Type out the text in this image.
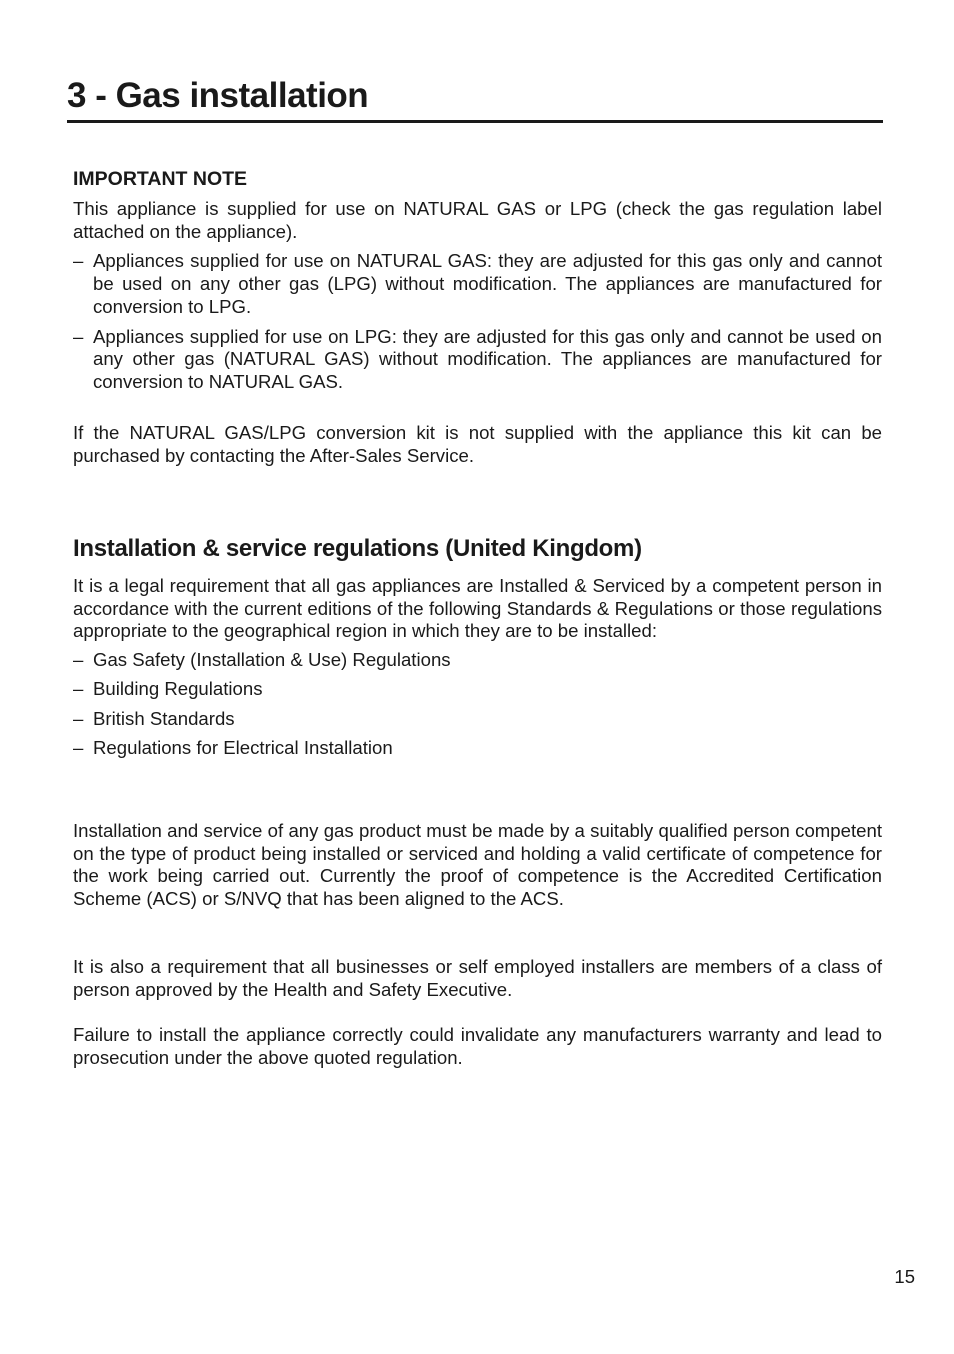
3 - Gas installation
IMPORTANT NOTE

This appliance is supplied for use on NATURAL GAS or LPG (check the gas regulation label attached on the appliance).

– Appliances supplied for use on NATURAL GAS: they are adjusted for this gas only and cannot be used on any other gas (LPG) without modification. The appliances are manufactured for conversion to LPG.
– Appliances supplied for use on LPG: they are adjusted for this gas only and cannot be used on any other gas (NATURAL GAS) without modification. The appliances are manufactured for conversion to NATURAL GAS.

If the NATURAL GAS/LPG conversion kit is not supplied with the appliance this kit can be purchased by contacting the After-Sales Service.

Installation & service regulations (United Kingdom)

It is a legal requirement that all gas appliances are Installed & Serviced by a competent person in accordance with the current editions of the following Standards & Regulations or those regulations appropriate to the geographical region in which they are to be installed:

– Gas Safety (Installation & Use) Regulations
– Building Regulations
– British Standards
– Regulations for Electrical Installation

Installation and service of any gas product must be made by a suitably qualified person competent on the type of product being installed or serviced and holding a valid certificate of competence for the work being carried out. Currently the proof of competence is the Accredited Certification Scheme (ACS) or S/NVQ that has been aligned to the ACS.

It is also a requirement that all businesses or self employed installers are members of a class of person approved by the Health and Safety Executive.

Failure to install the appliance correctly could invalidate any manufacturers warranty and lead to prosecution under the above quoted regulation.

15
